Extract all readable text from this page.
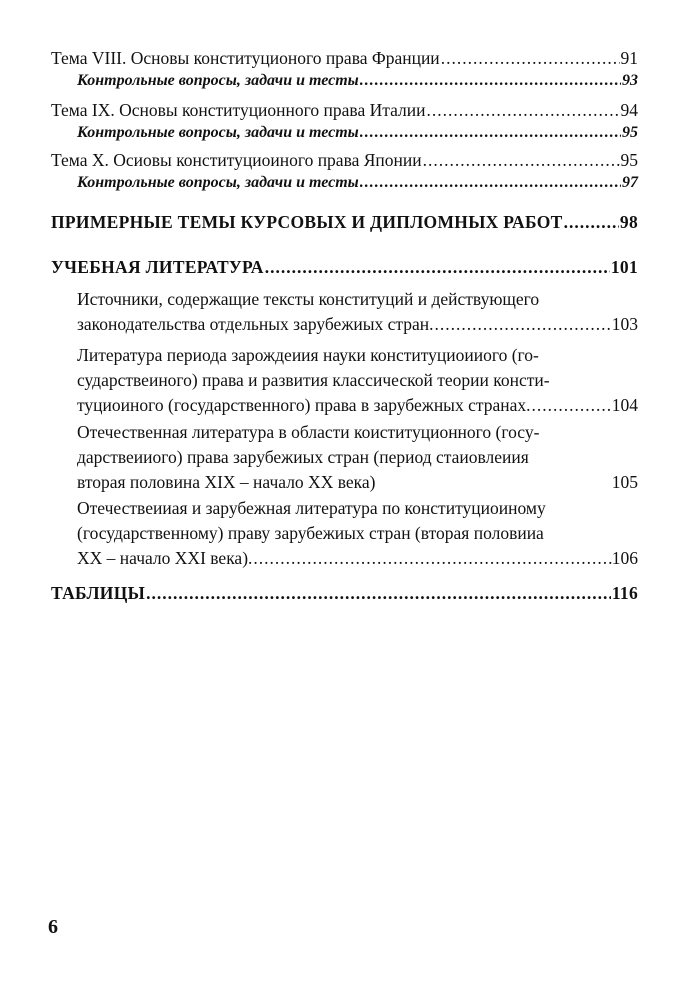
Тема VIII. Основы конституционого права Франции .....	91
Контрольные вопросы, задачи и тесты .....	93
Тема IX. Основы конституционного права Италии .....	94
Контрольные вопросы, задачи и тесты .....	95
Тема X. Осиовы конституциоиного права Японии .....	95
Контрольные вопросы, задачи и тесты .....	97
ПРИМЕРНЫЕ ТЕМЫ КУРСОВЫХ И ДИПЛОМНЫХ РАБОТ .....	98
УЧЕБНАЯ ЛИТЕРАТУРА .....	101
Источники, содержащие тексты конституций и действующего
законодательства отдельных зарубежиых стран .....	103
Литература периода зарождеиия науки конституциоииого (го-
сударствеиного) права и развития классической теории консти-
туциоиного (государственного) права в зарубежных странах .....	104
Отечественная литература в области коиституционного (госу-
дарствеииого) права зарубежиых стран (период стаиовлеиия
вторая половина XIX – начало XX века)	105
Отечествеииая и зарубежная литература по конституциоиному
(государственному) праву зарубежиых стран (вторая половииа
XX – начало XXI века) .....	106
ТАБЛИЦЫ .....	116
6
